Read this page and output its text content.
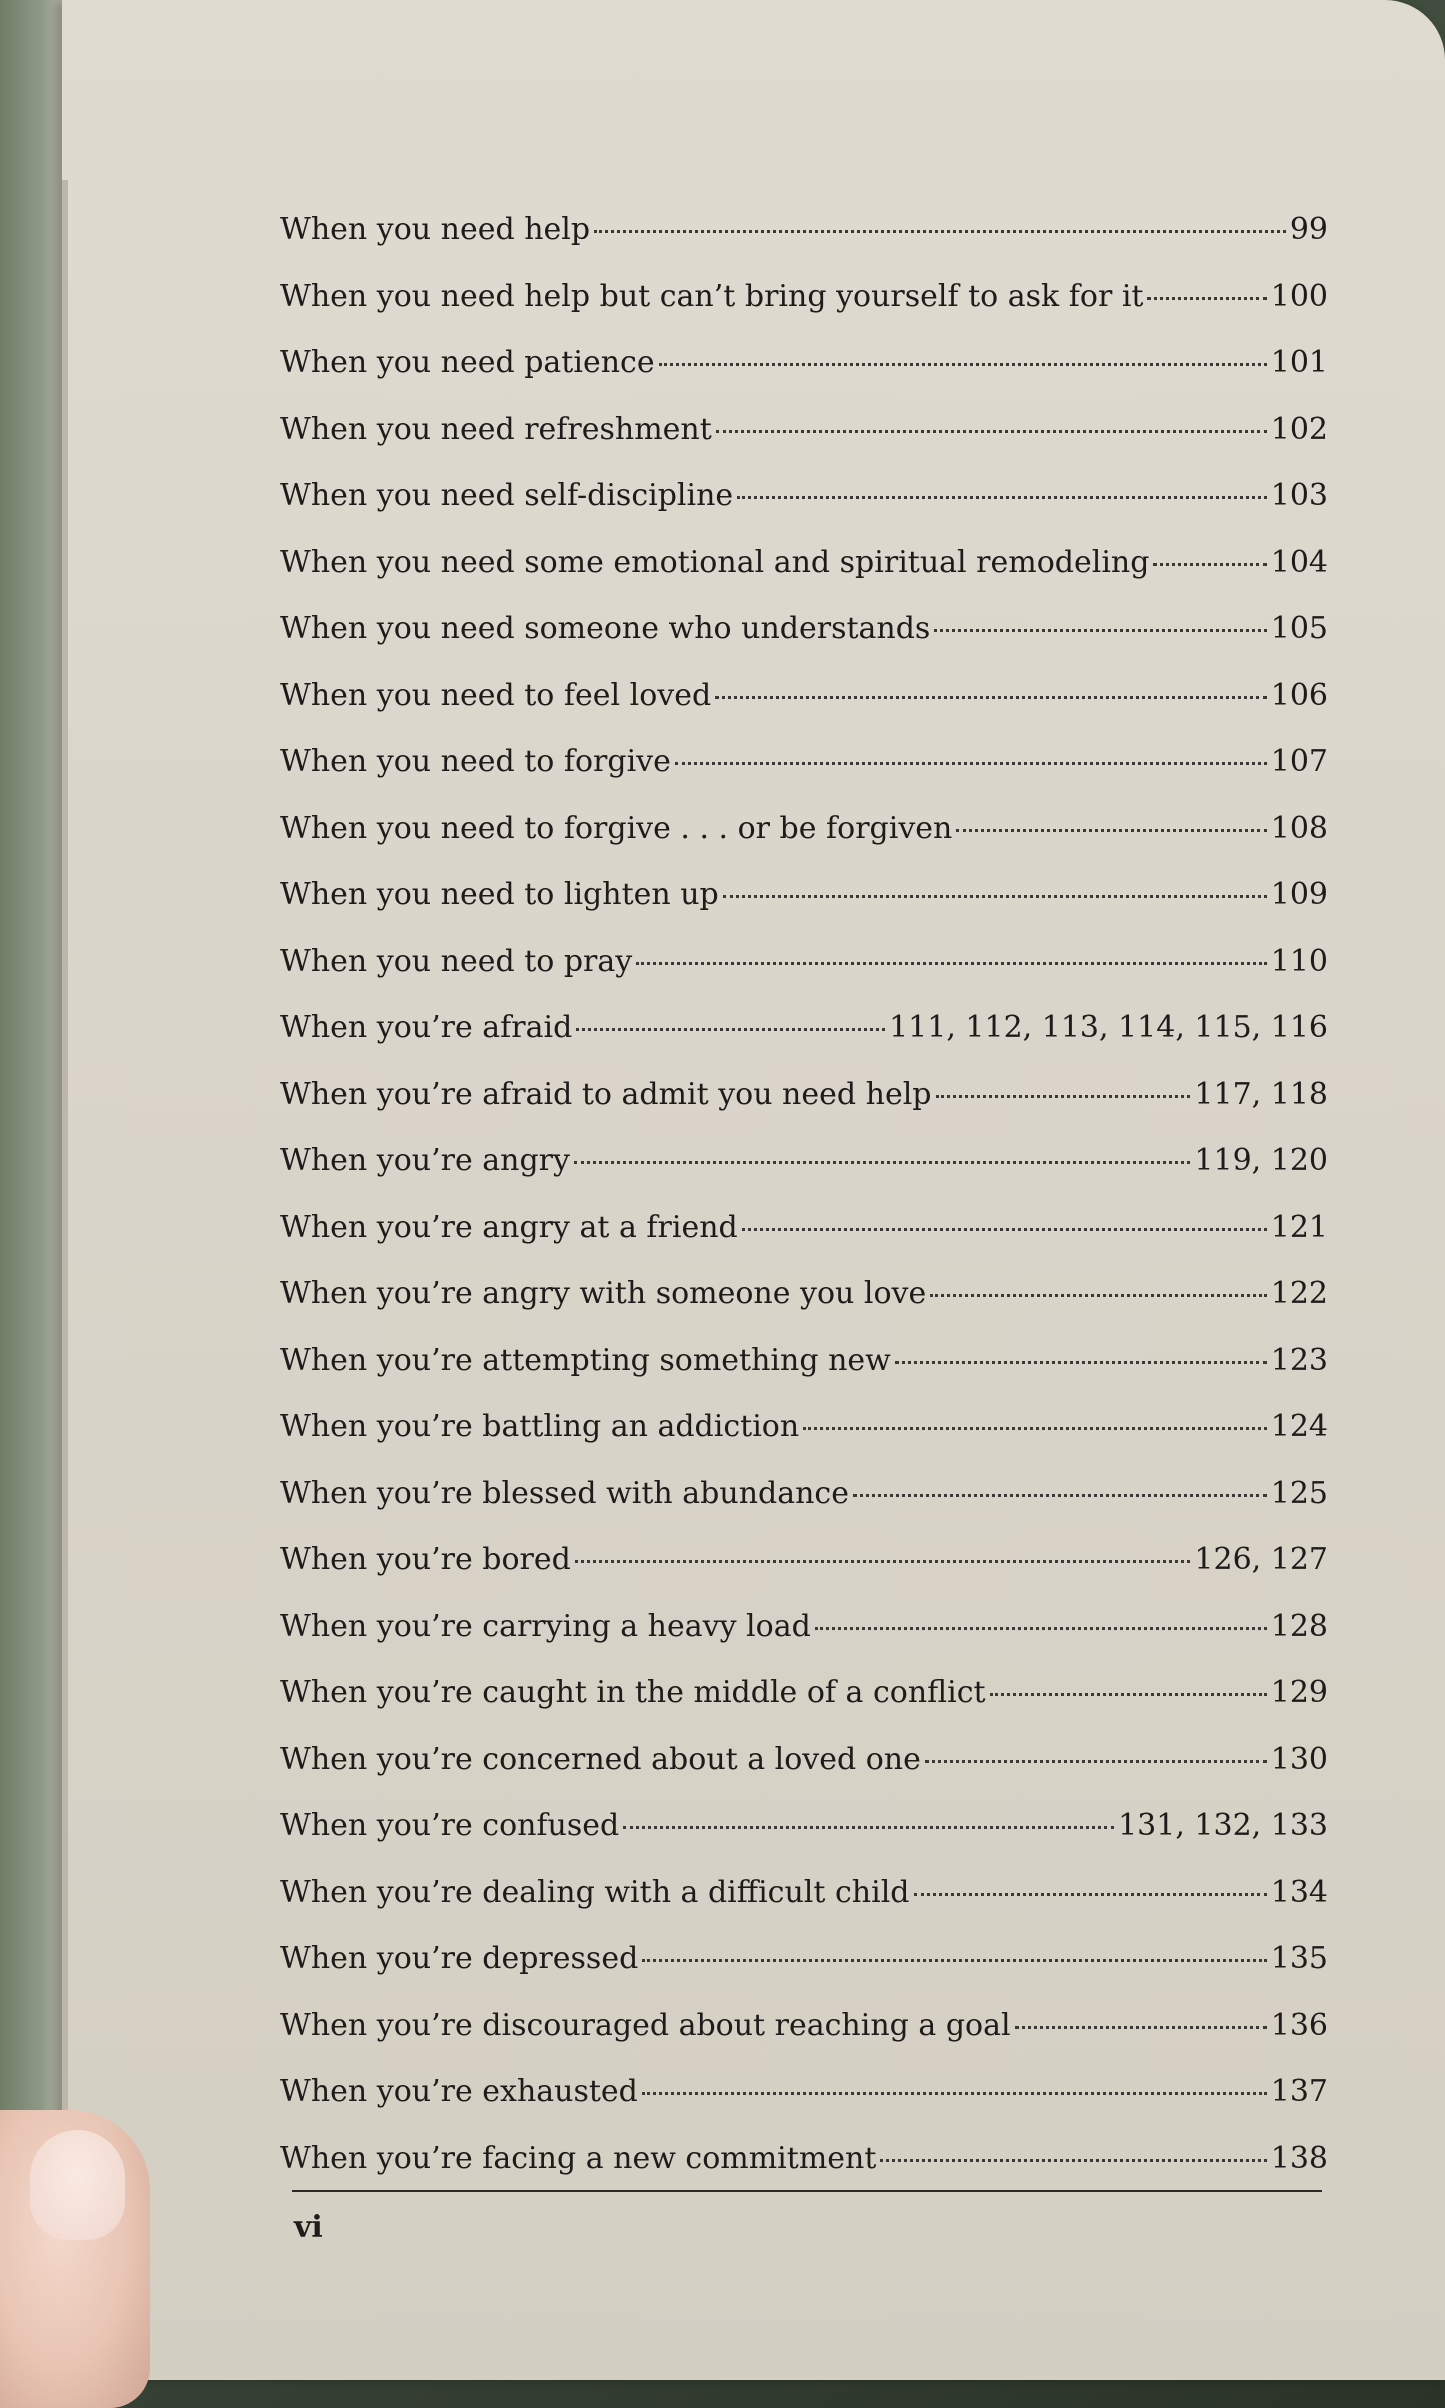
When you need help	99
When you need help but can’t bring yourself to ask for it	100
When you need patience	101
When you need refreshment	102
When you need self-discipline	103
When you need some emotional and spiritual remodeling	104
When you need someone who understands	105
When you need to feel loved	106
When you need to forgive	107
When you need to forgive . . . or be forgiven	108
When you need to lighten up	109
When you need to pray	110
When you’re afraid	111, 112, 113, 114, 115, 116
When you’re afraid to admit you need help	117, 118
When you’re angry	119, 120
When you’re angry at a friend	121
When you’re angry with someone you love	122
When you’re attempting something new	123
When you’re battling an addiction	124
When you’re blessed with abundance	125
When you’re bored	126, 127
When you’re carrying a heavy load	128
When you’re caught in the middle of a conflict	129
When you’re concerned about a loved one	130
When you’re confused	131, 132, 133
When you’re dealing with a difficult child	134
When you’re depressed	135
When you’re discouraged about reaching a goal	136
When you’re exhausted	137
When you’re facing a new commitment	138
vi
